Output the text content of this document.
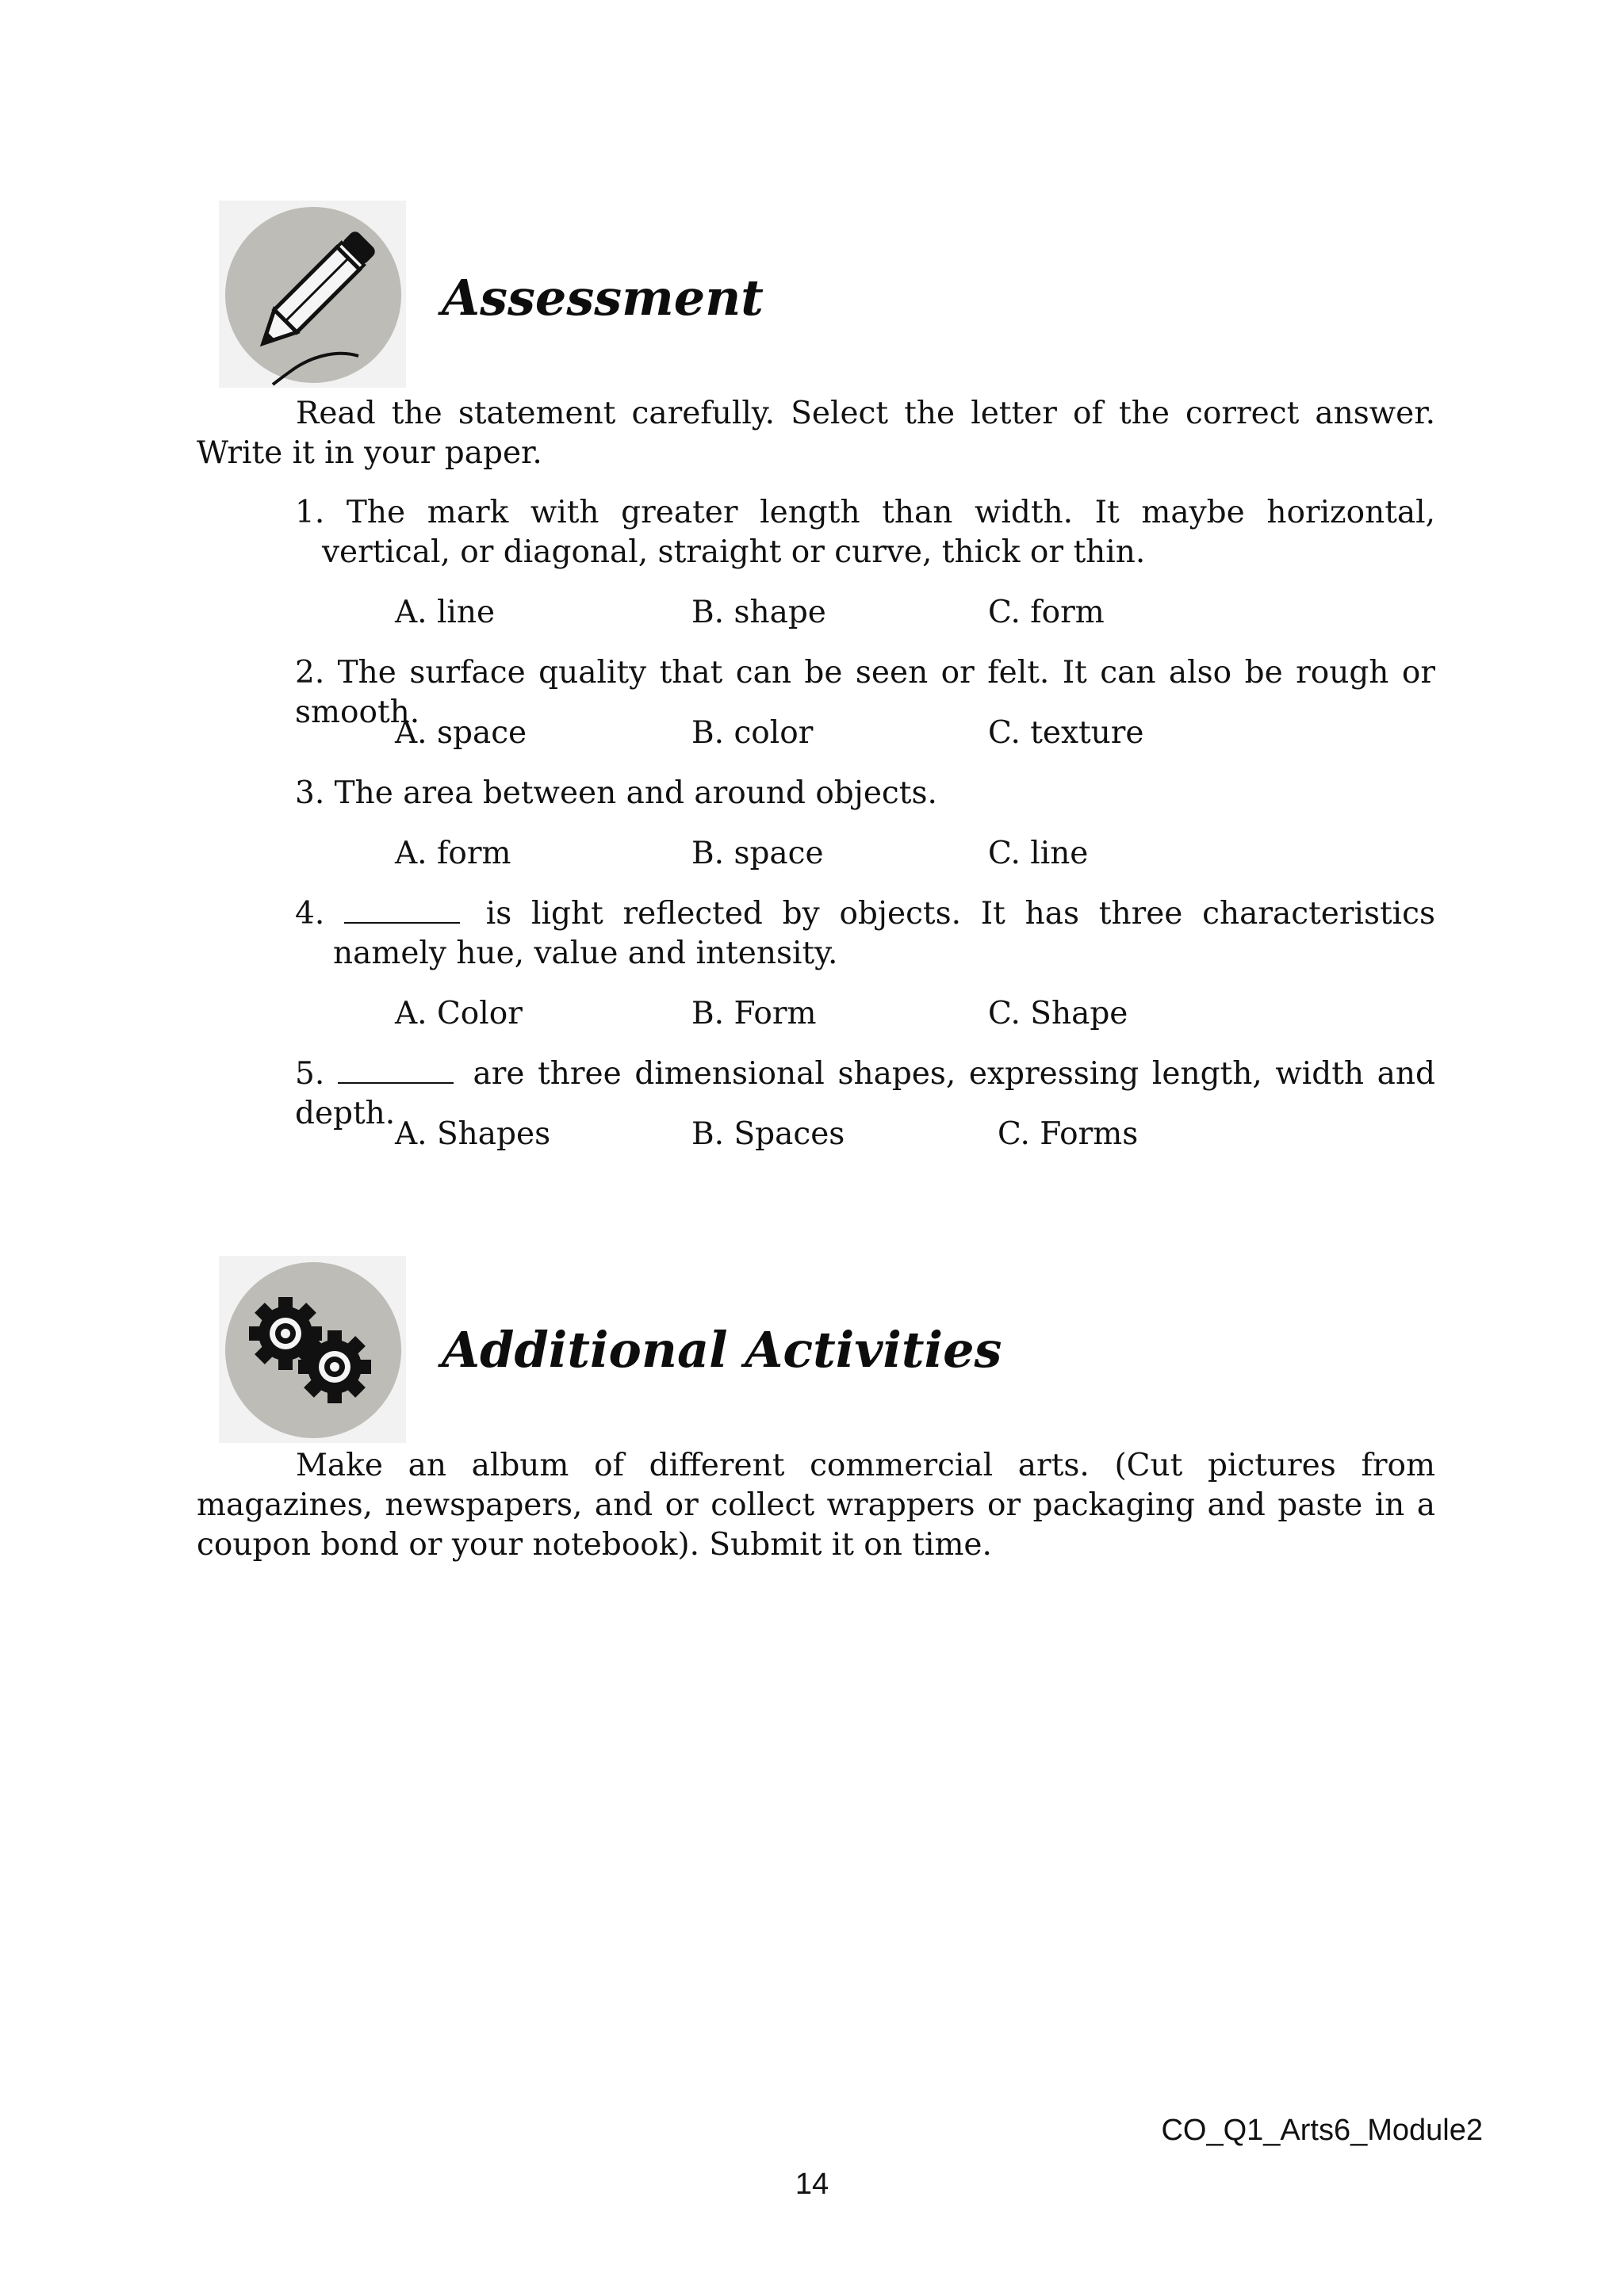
Assessment

Read the statement carefully. Select the letter of the correct answer. Write it in your paper.

1. The mark with greater length than width. It maybe horizontal, vertical, or diagonal, straight or curve, thick or thin.

A. line	B. shape	C. form

2. The surface quality that can be seen or felt. It can also be rough or smooth.

A. space	B. color	C. texture

3. The area between and around objects.

A. form	B. space	C. line

4.	is light reflected by objects. It has three characteristics namely hue, value and intensity.

A. Color	B. Form	C. Shape

5.	are three dimensional shapes, expressing length, width and depth.

A. Shapes	B. Spaces	C. Forms
Additional Activities

Make an album of different commercial arts. (Cut pictures from magazines, newspapers, and or collect wrappers or packaging and paste in a coupon bond or your notebook). Submit it on time.

CO_Q1_Arts6_Module2
14
